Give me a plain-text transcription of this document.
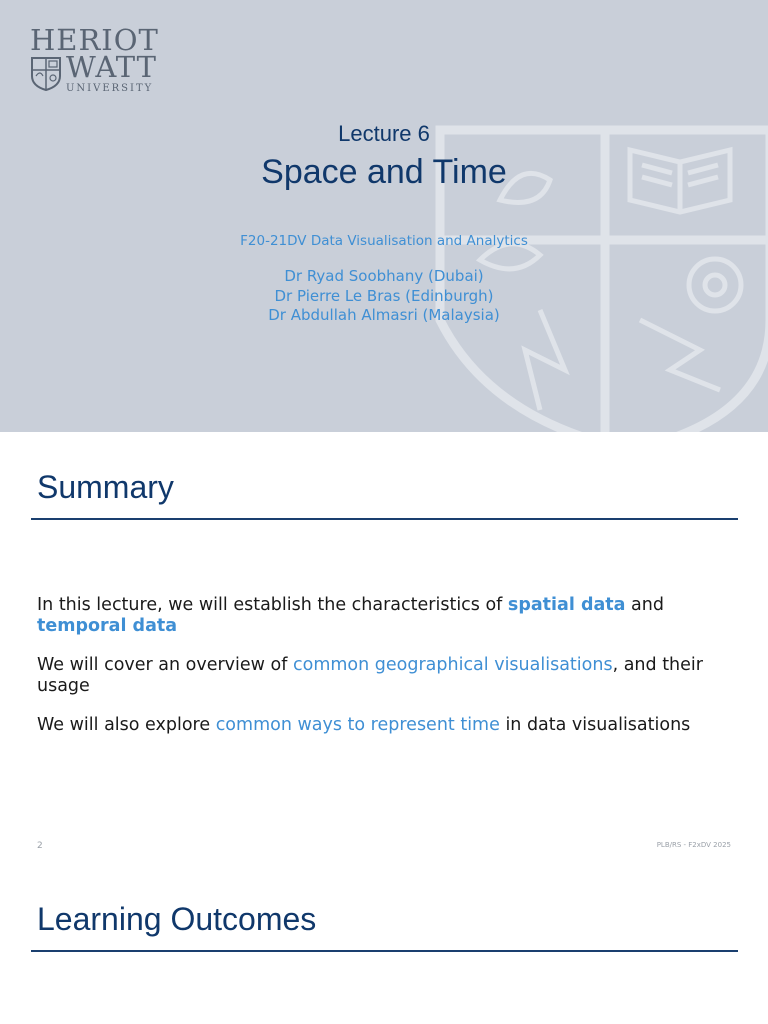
HERIOT
WATT
UNIVERSITY
Lecture 6
Space and Time
F20-21DV Data Visualisation and Analytics
Dr Ryad Soobhany (Dubai)
Dr Pierre Le Bras (Edinburgh)
Dr Abdullah Almasri (Malaysia)
Summary

In this lecture, we will establish the characteristics of spatial data and temporal data

We will cover an overview of common geographical visualisations, and their usage

We will also explore common ways to represent time in data visualisations

2	PLB/RS - F2xDV 2025
Learning Outcomes
